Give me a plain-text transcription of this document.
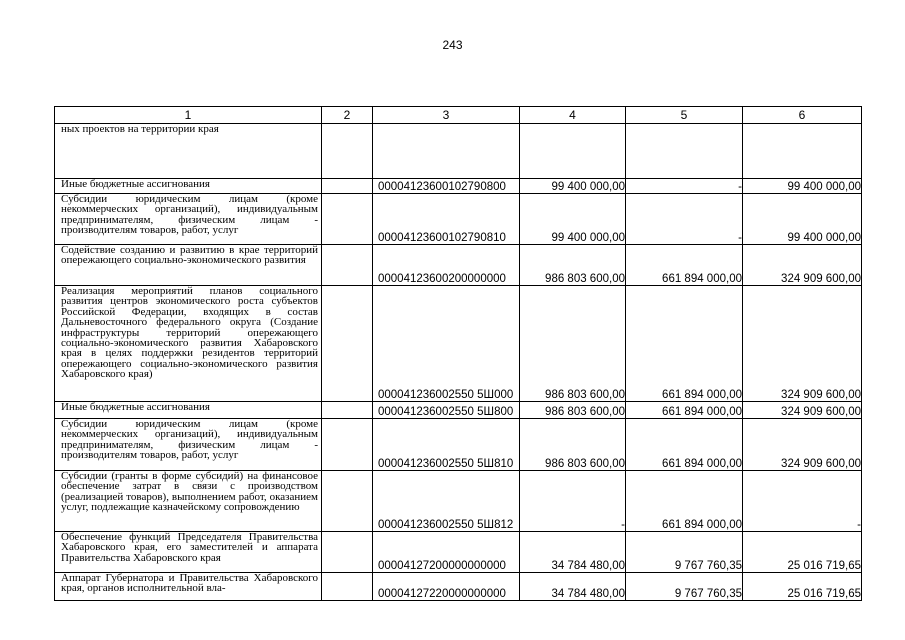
243
1	2	3	4	5	6
ных проектов на территории края					
Иные бюджетные ассигнования		00004123600102790800	99 400 000,00	-	99 400 000,00
Субсидии юридическим лицам (кроме некоммерческих организаций), индивидуальным предпринимателям, физическим лицам - производителям товаров, работ, услуг		00004123600102790810	99 400 000,00	-	99 400 000,00
Содействие созданию и развитию в крае территорий опережающего социально-экономического развития		00004123600200000000	986 803 600,00	661 894 000,00	324 909 600,00
Реализация мероприятий планов социального развития центров экономического роста субъектов Российской Федерации, входящих в состав Дальневосточного федерального округа (Создание инфраструктуры территорий опережающего социально-экономического развития Хабаровского края в целях поддержки резидентов территорий опережающего социально-экономического развития Хабаровского края)		000041236002550 5Ш000	986 803 600,00	661 894 000,00	324 909 600,00
Иные бюджетные ассигнования		000041236002550 5Ш800	986 803 600,00	661 894 000,00	324 909 600,00
Субсидии юридическим лицам (кроме некоммерческих организаций), индивидуальным предпринимателям, физическим лицам - производителям товаров, работ, услуг		000041236002550 5Ш810	986 803 600,00	661 894 000,00	324 909 600,00
Субсидии (гранты в форме субсидий) на финансовое обеспечение затрат в связи с производством (реализацией товаров), выполнением работ, оказанием услуг, подлежащие казначейскому сопровождению		000041236002550 5Ш812	-	661 894 000,00	-
Обеспечение функций Председателя Правительства Хабаровского края, его заместителей и аппарата Правительства Хабаровского края		00004127200000000000	34 784 480,00	9 767 760,35	25 016 719,65
Аппарат Губернатора и Правительства Хабаровского края, органов исполнительной вла-		00004127220000000000	34 784 480,00	9 767 760,35	25 016 719,65
